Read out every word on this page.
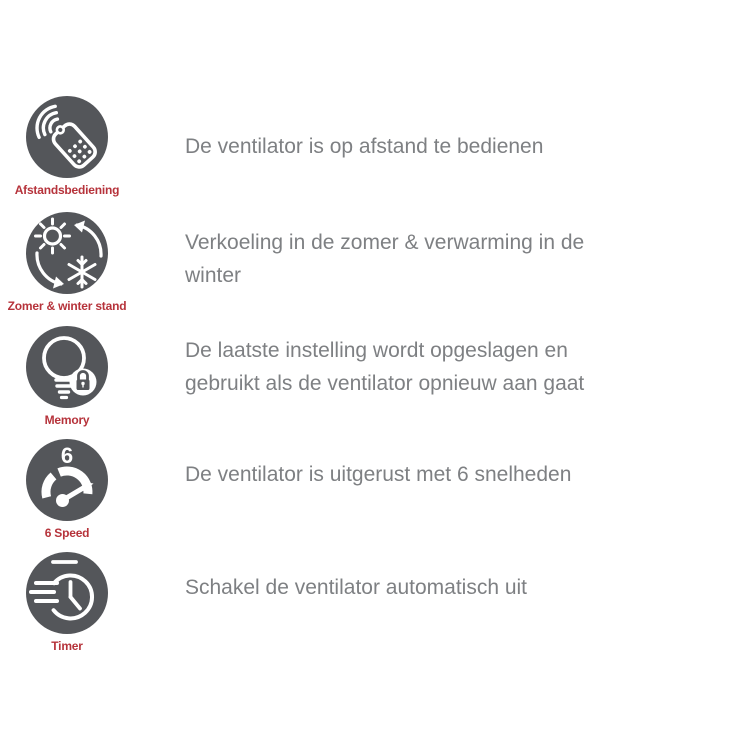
Afstandsbediening
De ventilator is op afstand te bedienen
Zomer & winter stand
Verkoeling in de zomer & verwarming in de
winter
Memory
De laatste instelling wordt opgeslagen en
gebruikt als de ventilator opnieuw aan gaat
6
6 Speed
De ventilator is uitgerust met 6 snelheden
Timer
Schakel de ventilator automatisch uit
